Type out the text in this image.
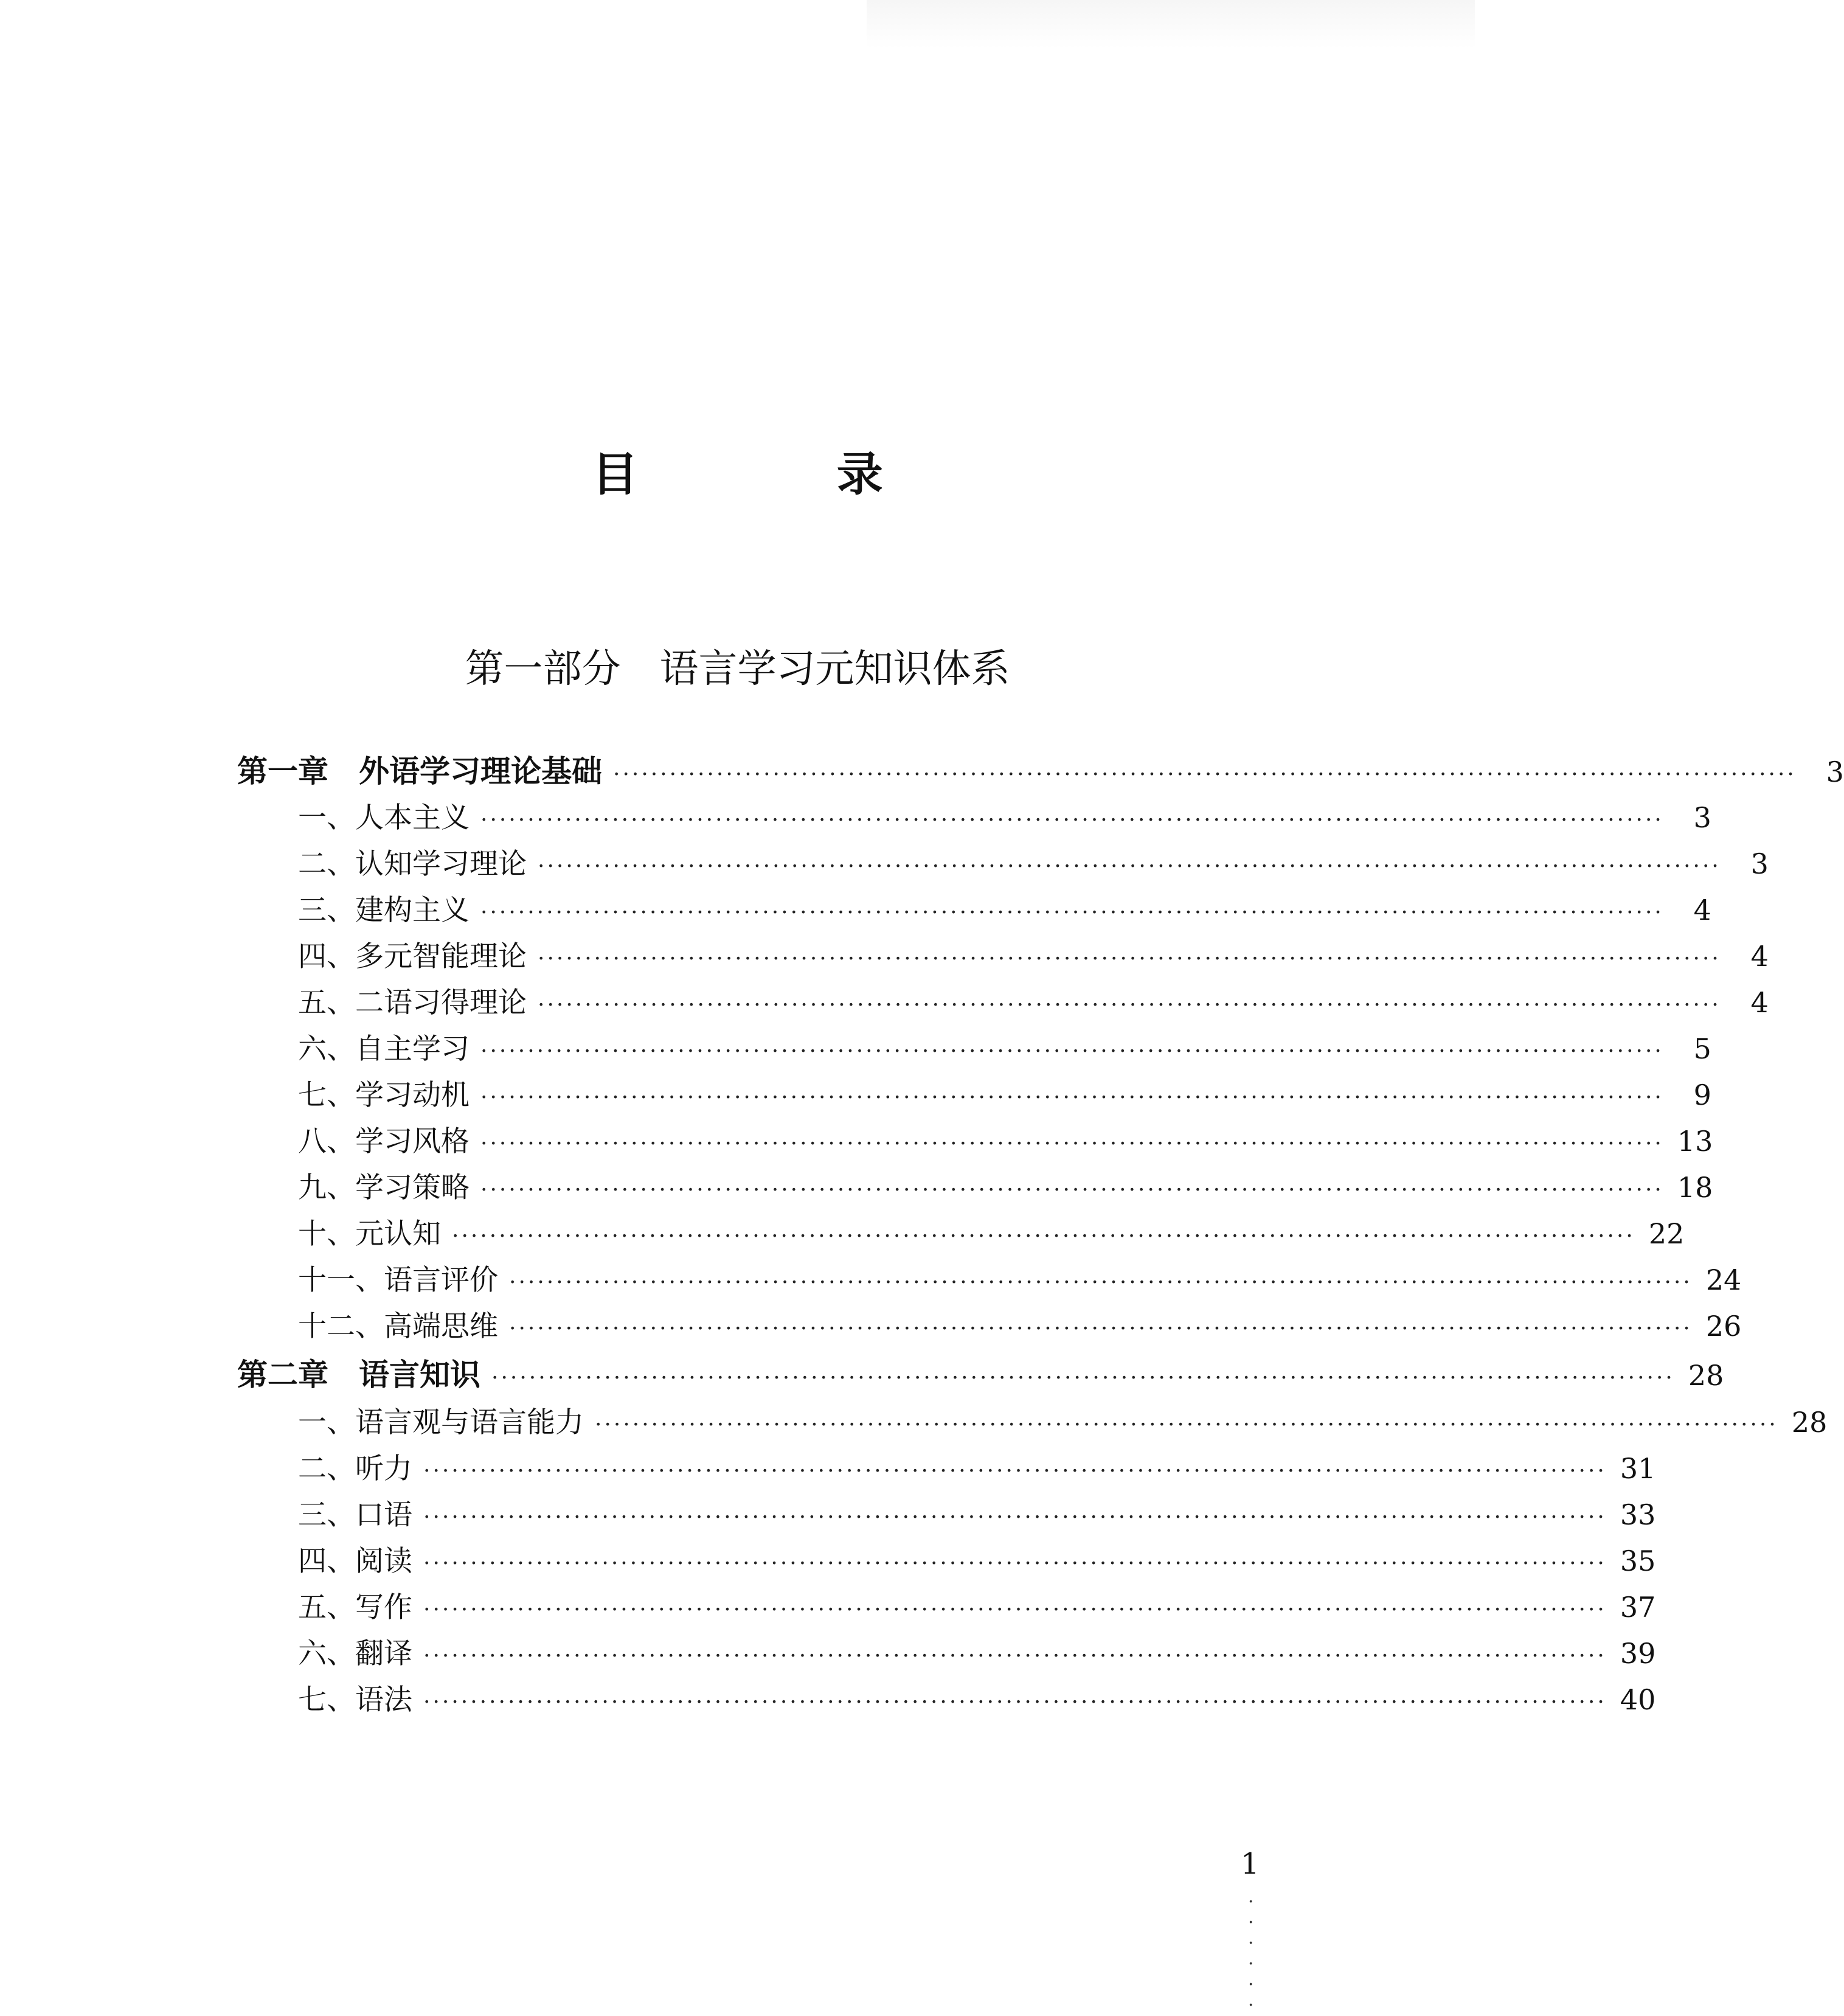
目 录
第一部分　语言学习元知识体系
第一章　外语学习理论基础 ······························································································································	3
一、人本主义 ······························································································································	3
二、认知学习理论 ······························································································································	3
三、建构主义 ······························································································································	4
四、多元智能理论 ······························································································································	4
五、二语习得理论 ······························································································································	4
六、自主学习 ······························································································································	5
七、学习动机 ······························································································································	9
八、学习风格 ······························································································································ 13
九、学习策略 ······························································································································ 18
十、元认知 ······························································································································ 22
十一、语言评价 ······························································································································ 24
十二、高端思维 ······························································································································ 26
第二章　语言知识 ······························································································································ 28
一、语言观与语言能力 ······························································································································ 28
二、听力 ······························································································································ 31
三、口语 ······························································································································ 33
四、阅读 ······························································································································ 35
五、写作 ······························································································································ 37
六、翻译 ······························································································································ 39
七、语法 ······························································································································ 40
1
·
·
·
·
·
·
